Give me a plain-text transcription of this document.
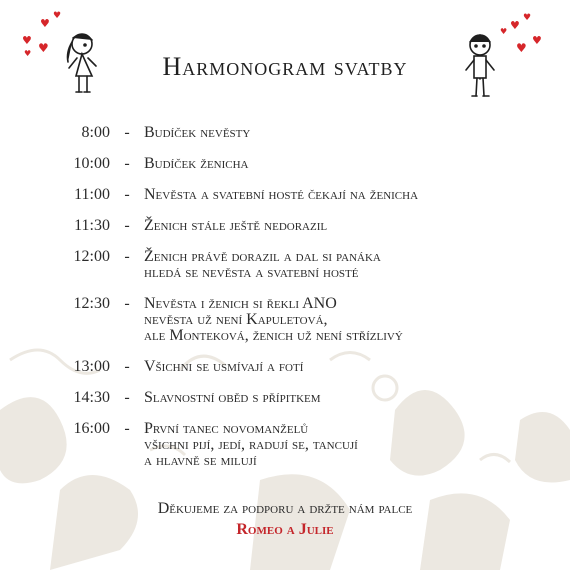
♥
♥
♥
♥
♥
♥
♥
♥
♥
♥
Harmonogram svatby
8:00 - Budíček nevěsty
10:00 - Budíček ženicha
11:00 - Nevěsta a svatební hosté čekají na ženicha
11:30 - Ženich stále ještě nedorazil
12:00 - Ženich právě dorazil a dal si panáka
hledá se nevěsta a svatební hosté
12:30 - Nevěsta i ženich si řekli ANO
nevěsta už není Kapuletová,
ale Monteková, ženich už není střízlivý
13:00 - Všichni se usmívají a fotí
14:30 - Slavnostní oběd s přípitkem
16:00 - První tanec novomanželů
všichni pijí, jedí, radují se, tancují
a hlavně se milují
Děkujeme za podporu a držte nám palce
Romeo a Julie
